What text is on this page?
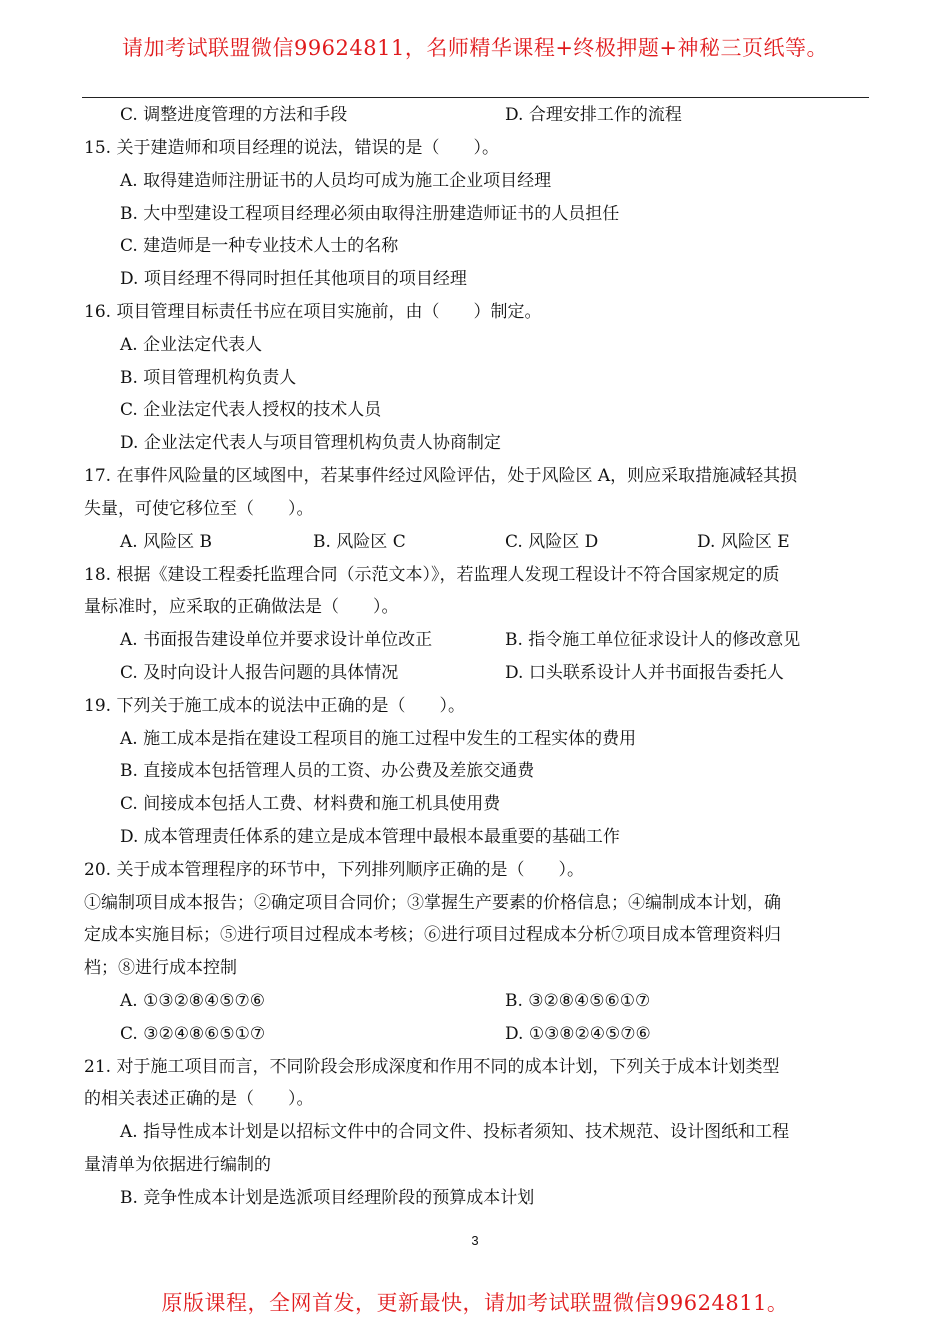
请加考试联盟微信99624811，名师精华课程+终极押题+神秘三页纸等。
C. 调整进度管理的方法和手段	D. 合理安排工作的流程
15. 关于建造师和项目经理的说法，错误的是（　　）。
A. 取得建造师注册证书的人员均可成为施工企业项目经理
B. 大中型建设工程项目经理必须由取得注册建造师证书的人员担任
C. 建造师是一种专业技术人士的名称
D. 项目经理不得同时担任其他项目的项目经理
16. 项目管理目标责任书应在项目实施前，由（　　）制定。
A. 企业法定代表人
B. 项目管理机构负责人
C. 企业法定代表人授权的技术人员
D. 企业法定代表人与项目管理机构负责人协商制定
17. 在事件风险量的区域图中，若某事件经过风险评估，处于风险区 A，则应采取措施减轻其损
失量，可使它移位至（　　）。
A. 风险区 B	B. 风险区 C	C. 风险区 D	D. 风险区 E
18. 根据《建设工程委托监理合同（示范文本）》，若监理人发现工程设计不符合国家规定的质
量标准时，应采取的正确做法是（　　）。
A. 书面报告建设单位并要求设计单位改正	B. 指令施工单位征求设计人的修改意见
C. 及时向设计人报告问题的具体情况	D. 口头联系设计人并书面报告委托人
19. 下列关于施工成本的说法中正确的是（　　）。
A. 施工成本是指在建设工程项目的施工过程中发生的工程实体的费用
B. 直接成本包括管理人员的工资、办公费及差旅交通费
C. 间接成本包括人工费、材料费和施工机具使用费
D. 成本管理责任体系的建立是成本管理中最根本最重要的基础工作
20. 关于成本管理程序的环节中，下列排列顺序正确的是（　　）。
①编制项目成本报告；②确定项目合同价；③掌握生产要素的价格信息；④编制成本计划，确
定成本实施目标；⑤进行项目过程成本考核；⑥进行项目过程成本分析⑦项目成本管理资料归
档；⑧进行成本控制
A. ①③②⑧④⑤⑦⑥	B. ③②⑧④⑤⑥①⑦
C. ③②④⑧⑥⑤①⑦	D. ①③⑧②④⑤⑦⑥
21. 对于施工项目而言，不同阶段会形成深度和作用不同的成本计划，下列关于成本计划类型
的相关表述正确的是（　　）。
A. 指导性成本计划是以招标文件中的合同文件、投标者须知、技术规范、设计图纸和工程
量清单为依据进行编制的
B. 竞争性成本计划是选派项目经理阶段的预算成本计划
3
原版课程，全网首发，更新最快，请加考试联盟微信99624811。
